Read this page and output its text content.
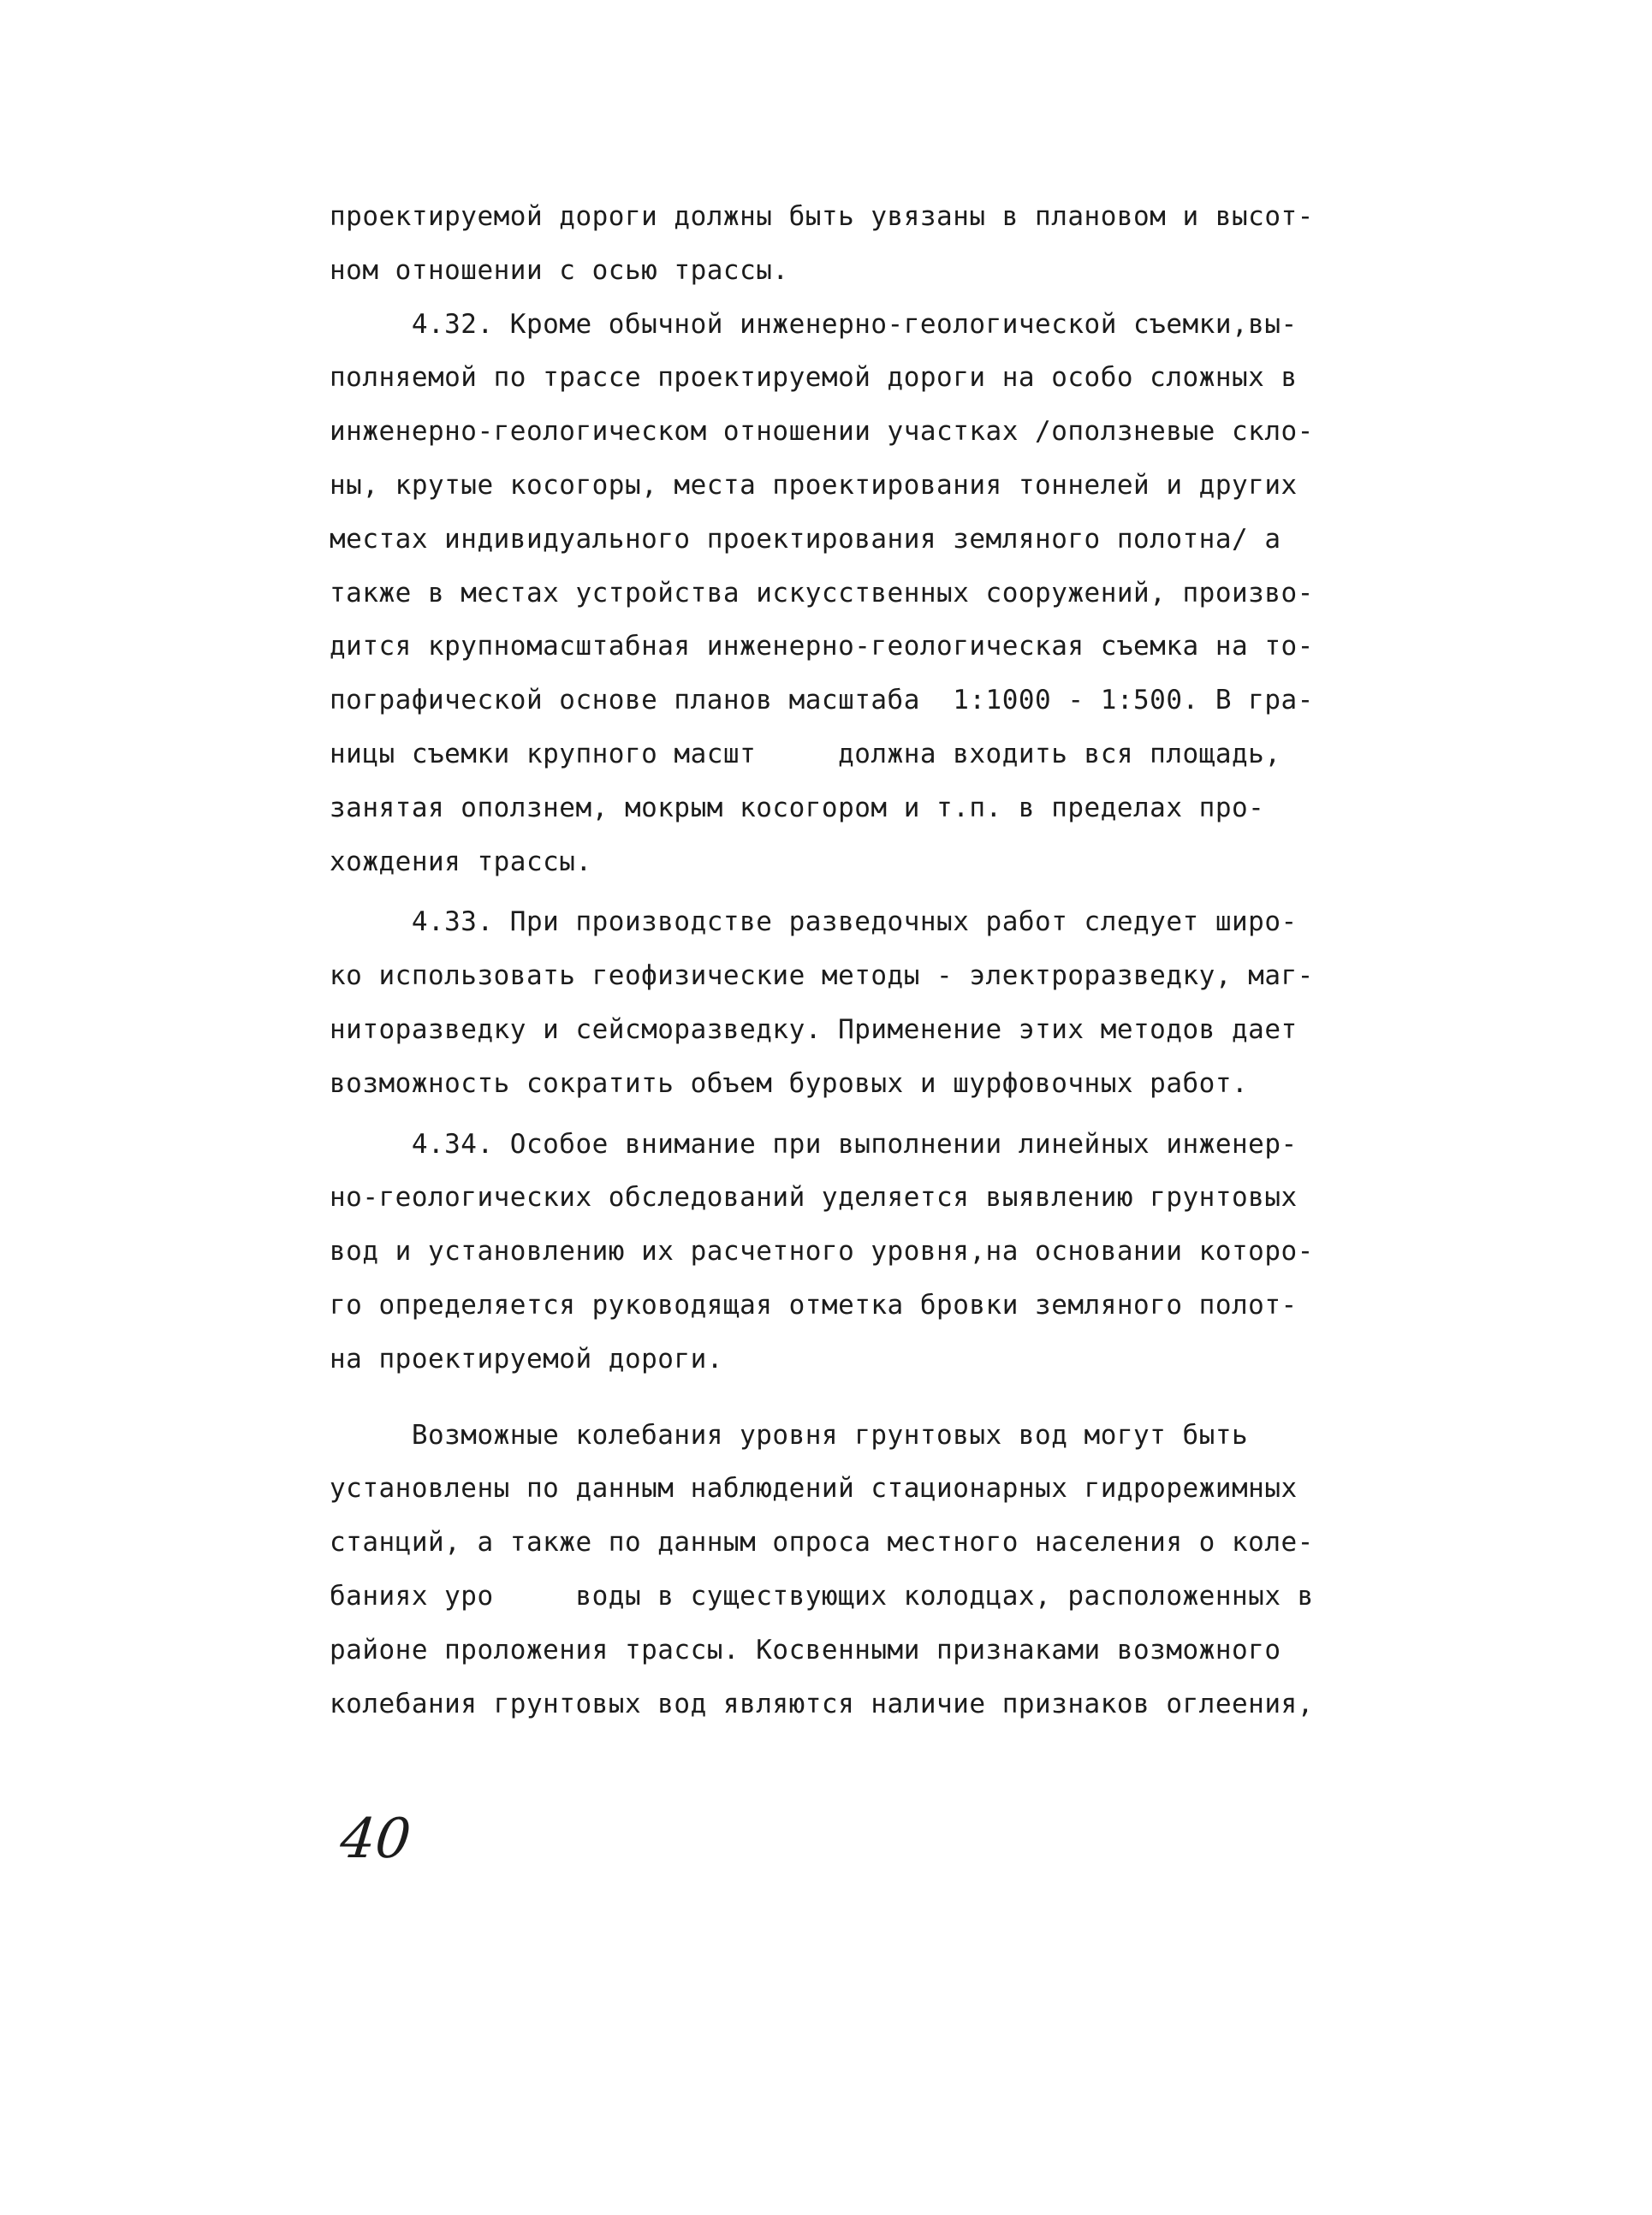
проектируемой дороги должны быть увязаны в плановом и высот-
ном отношении с осью трассы.
4.32. Кроме обычной инженерно-геологической съемки,вы-
полняемой по трассе проектируемой дороги на особо сложных в
инженерно-геологическом отношении участках /оползневые скло-
ны, крутые косогоры, места проектирования тоннелей и других
местах индивидуального проектирования земляного полотна/ а
также в местах устройства искусственных сооружений, произво-
дится крупномасштабная инженерно-геологическая съемка на то-
пографической основе планов масштаба  1:1000 - 1:500. В гра-
ницы съемки крупного масшт     должна входить вся площадь,
занятая оползнем, мокрым косогором и т.п. в пределах про-
хождения трассы.
4.33. При производстве разведочных работ следует широ-
ко использовать геофизические методы - электроразведку, маг-
ниторазведку и сейсморазведку. Применение этих методов дает
возможность сократить объем буровых и шурфовочных работ.
4.34. Особое внимание при выполнении линейных инженер-
но-геологических обследований уделяется выявлению грунтовых
вод и установлению их расчетного уровня,на основании которо-
го определяется руководящая отметка бровки земляного полот-
на проектируемой дороги.
Возможные колебания уровня грунтовых вод могут быть
установлены по данным наблюдений стационарных гидрорежимных
станций, а также по данным опроса местного населения о коле-
баниях уро     воды в существующих колодцах, расположенных в
районе проложения трассы. Косвенными признаками возможного
колебания грунтовых вод являются наличие признаков оглеения,
40
